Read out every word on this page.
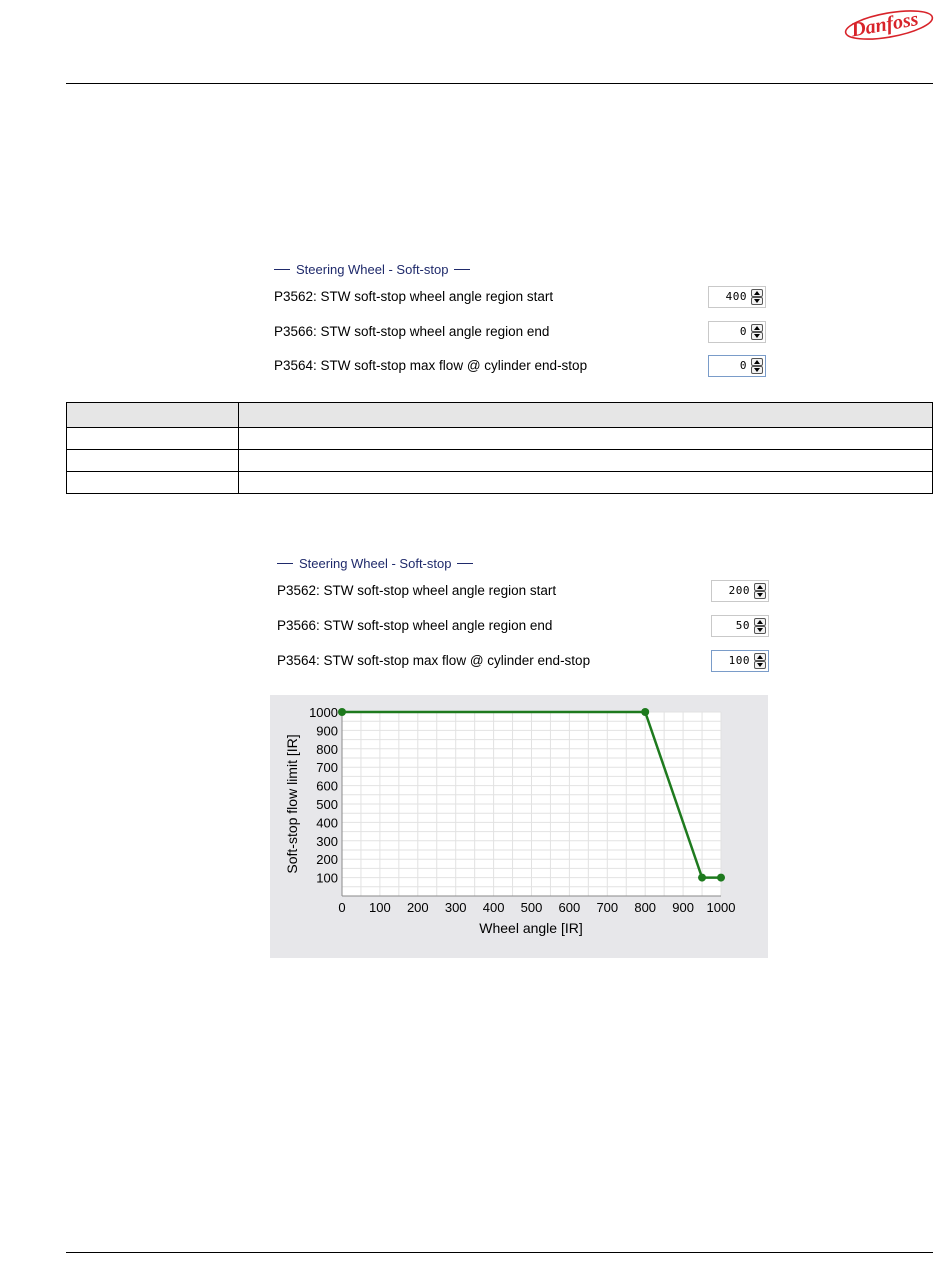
Danfoss
Steering Wheel - Soft-stop
P3562: STW soft-stop wheel angle region start	400
P3566: STW soft-stop wheel angle region end	0
P3564: STW soft-stop max flow @ cylinder end-stop	0

Steering Wheel - Soft-stop
P3562: STW soft-stop wheel angle region start	200
P3566: STW soft-stop wheel angle region end	50
P3564: STW soft-stop max flow @ cylinder end-stop	100
0 100 200 300 400 500 600 700 800 900 1000
100
200
300
400
500
600
700
800
900
1000
Wheel angle [IR]
Soft-stop flow limit [IR]
